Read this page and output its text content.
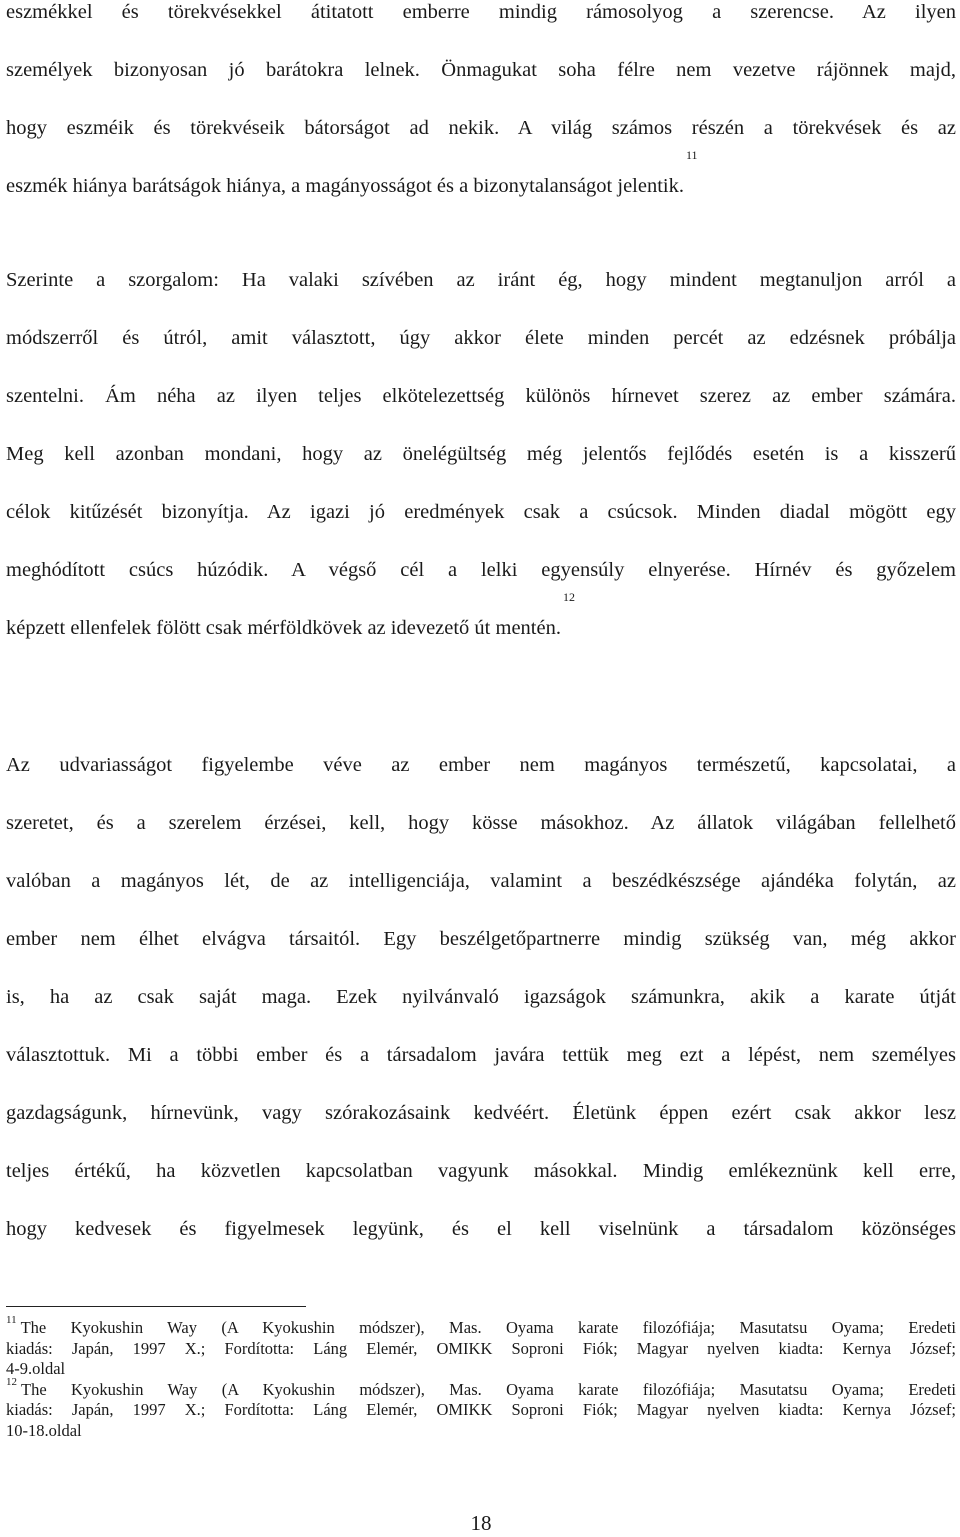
eszmékkel és törekvésekkel átitatott emberre mindig rámosolyog a szerencse. Az ilyen

személyek bizonyosan jó barátokra lelnek. Önmagukat soha félre nem vezetve rájönnek majd,

hogy eszméik és törekvéseik bátorságot ad nekik. A világ számos részén a törekvések és az

eszmék hiánya barátságok hiánya, a magányosságot és a bizonytalanságot jelentik.$^{11}$

Szerinte a szorgalom: Ha valaki szívében az iránt ég, hogy mindent megtanuljon arról a

módszerről és útról, amit választott, úgy akkor élete minden percét az edzésnek próbálja

szentelni. Ám néha az ilyen teljes elkötelezettség különös hírnevet szerez az ember számára.

Meg kell azonban mondani, hogy az önelégültség még jelentős fejlődés esetén is a kisszerű

célok kitűzését bizonyítja. Az igazi jó eredmények csak a csúcsok. Minden diadal mögött egy

meghódított csúcs húzódik. A végső cél a lelki egyensúly elnyerése. Hírnév és győzelem

képzett ellenfelek fölött csak mérföldkövek az idevezető út mentén.$^{12}$

Az udvariasságot figyelembe véve az ember nem magányos természetű, kapcsolatai, a

szeretet, és a szerelem érzései, kell, hogy kösse másokhoz. Az állatok világában fellelhető

valóban a magányos lét, de az intelligenciája, valamint a beszédkészsége ajándéka folytán, az

ember nem élhet elvágva társaitól. Egy beszélgetőpartnerre mindig szükség van, még akkor

is, ha az csak saját maga. Ezek nyilvánvaló igazságok számunkra, akik a karate útját

választottuk. Mi a többi ember és a társadalom javára tettük meg ezt a lépést, nem személyes

gazdagságunk, hírnevünk, vagy szórakozásaink kedvéért. Életünk éppen ezért csak akkor lesz

teljes értékű, ha közvetlen kapcsolatban vagyunk másokkal. Mindig emlékeznünk kell erre,

hogy kedvesek és figyelmesek legyünk, és el kell viselnünk a társadalom közönséges

$^{11}$ The Kyokushin Way (A Kyokushin módszer), Mas. Oyama karate filozófiája; Masutatsu Oyama; Eredeti

kiadás: Japán, 1997 X.; Fordította: Láng Elemér, OMIKK Soproni Fiók; Magyar nyelven kiadta: Kernya József;

4-9.oldal

$^{12}$ The Kyokushin Way (A Kyokushin módszer), Mas. Oyama karate filozófiája; Masutatsu Oyama; Eredeti

kiadás: Japán, 1997 X.; Fordította: Láng Elemér, OMIKK Soproni Fiók; Magyar nyelven kiadta: Kernya József;

10-18.oldal

18
